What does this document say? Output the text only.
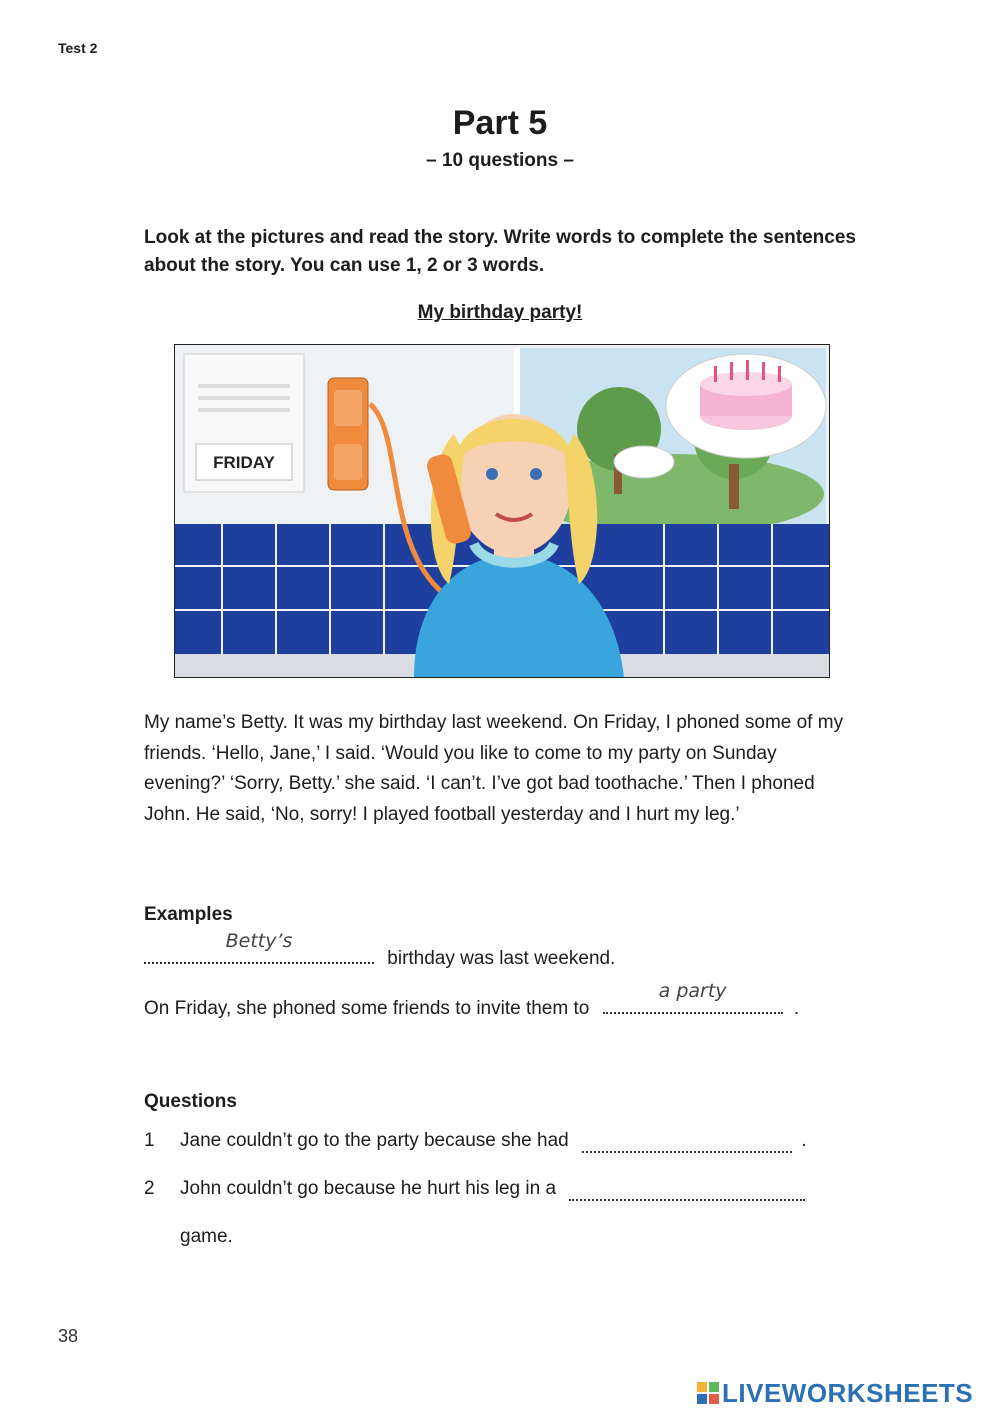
Test 2
Part 5
– 10 questions –
Look at the pictures and read the story. Write words to complete the sentences about the story. You can use 1, 2 or 3 words.
My birthday party!
FRIDAY
My name’s Betty. It was my birthday last weekend. On Friday, I phoned some of my friends. ‘Hello, Jane,’ I said. ‘Would you like to come to my party on Sunday evening?’ ‘Sorry, Betty.’ she said. ‘I can’t. I’ve got bad toothache.’ Then I phoned John. He said, ‘No, sorry! I played football yesterday and I hurt my leg.’
Examples
Betty’s
birthday was last weekend.
On Friday, she phoned some friends to invite them to
a party
.
Questions
1 Jane couldn’t go to the party because she had	.
2 John couldn’t go because he hurt his leg in a
game.
38
LIVEWORKSHEETS
